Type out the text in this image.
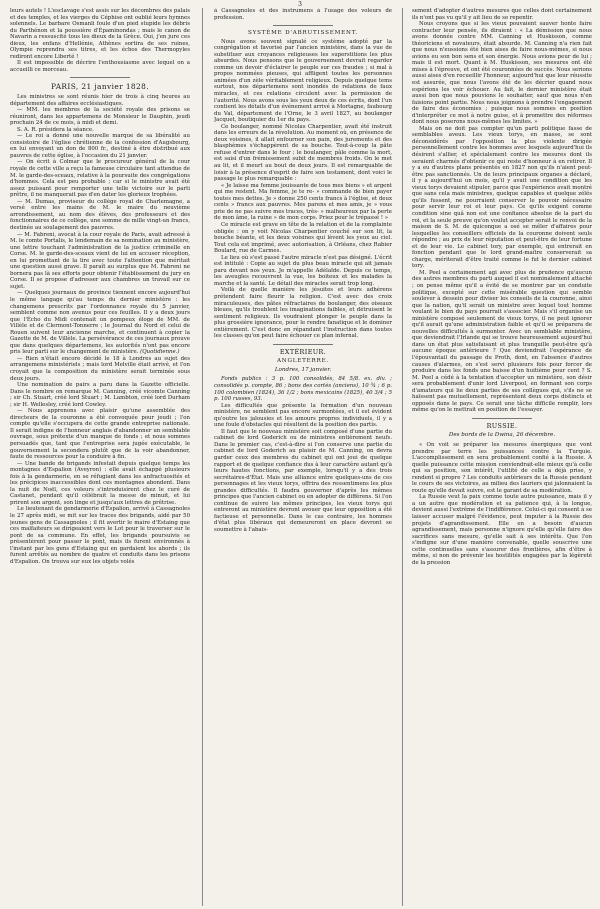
3

leurs autels ! L'esclavage s'est assis sur les décombres des palais et des temples, et les vierges du Céphise ont oublié leurs hymnes solennels. Le barbare Osmanli foule d'un pied stupide les débris du Parthénon et la poussière d'Épaminondas ; mais le canon de Navarin a ressuscité tous les dieux de la Grèce. Oui, j'en jure ces dieux, les enfans d'Hellénie, Athènes sortira de ses ruines, Olympie reprendra ses titres, et les échos des Thermopyles rediront encore Liberté !

Il est impossible de décrire l'enthousiasme avec lequel on a accueilli ce morceau.

PARIS, 21 janvier 1828.

Les ministres se sont réunis hier de trois à cinq heures au département des affaires ecclésiastiques.

— MM. les membres de la société royale des prisons se réuniront, dans les appartemens de Monsieur le Dauphin, jeudi prochain 24 de ce mois, à midi et demi.

S. A. R. présidera la séance.

— Le roi a donné une nouvelle marque de sa libéralité au consistoire de l'église chrétienne de la confession d'Augsbourg, en lui envoyant un don de 800 fr., destiné à être distribué aux pauvres de cette église, à l'occasion du 21 janvier.

— On écrit à Colmar que le procureur général de la cour royale de cette ville a reçu la fameuse circulaire tant attendue de M. le garde-des-sceaux, relative à la poursuite des congrégations d'hommes. Cela est peu probable ; car si le ministre avait été assez puissant pour remporter une telle victoire sur le parti prêtre, il ne manquerait pas d'en dater les glorieux trophées.

— M. Dumas, proviseur du collège royal de Charlemagne, a versé entre les mains de M. le maire du neuvième arrondissement, au nom des élèves, des professeurs et des fonctionnaires de ce collège, une somme de mille vingt-un francs, destinée au soulagement des pauvres.

— M. Fabreni, avocat à la cour royale de Paris, avait adressé à M. le comte Portalis, le lendemain de sa nomination au ministère, une lettre touchant l'administration de la justice criminelle en Corse. M. le garde-des-sceaux vient de lui en accuser réception, en lui promettant de la lire avec toute l'attention que méritait une question aussi grave. Il paraît au surplus que M. Fabreni ne bornera pas là ses efforts pour obtenir l'établissement du jury en Corse. Il se propose d'adresser aux chambres un travail sur ce sujet.

— Quelques journaux de province tiennent encore aujourd'hui le même langage qu'au temps du dernier ministère : les changemens prescrits par l'ordonnance royale du 5 janvier, semblent comme non avenus pour ces feuilles. Il y a deux jours que l'Écho du Midi contenait un pompeux éloge de MM. de Villèle et de Clermont-Tonnerre ; le Journal du Nord et celui de Rouen suivent leur ancienne marche, et continuent à copier la Gazette de M. de Villèle. La persévérance de ces journaux prouve que dans quelques départemens, les autorités n'ont pas encore pris leur parti sur le changement de ministère. (Quotidienne.)

— Rien n'était encore décidé le 18 à Londres au sujet des arrangemens ministériels ; mais lord Melville était arrivé, et l'on croyait que la composition du ministère serait terminée sous deux jours.

Une nomination de pairs a paru dans la Gazette officielle. Dans le nombre on remarque M. Canning, créé vicomte Canning ; sir Ch. Stuart, créé lord Stuart ; M. Lambton, créé lord Durham ; sir H. Wellesley, créé lord Cowley.

— Nous apprenons avec plaisir qu'une assemblée des directeurs de la couronne a été convoquée pour jeudi ; l'on compte qu'elle s'occupera de cette grande entreprise nationale. Il serait indigne de l'honneur anglais d'abandonner un semblable ouvrage, sous prétexte d'un manque de fonds ; et nous sommes persuadés que, tant que l'entreprise sera jugée exécutable, le gouvernement la secondera plutôt que de la voir abandonner, faute de ressources pour la conduire à fin.

— Une bande de brigands infestait depuis quelque temps les montagnes d'Espalion (Aveyron) : elle avait échappé plusieurs fois à la gendarmerie, en se réfugiant dans les anfractuosités et les précipices inaccessibles dont ces montagnes abondent. Dans la nuit de Noël, ces voleurs s'introduisirent chez le curé de Castanet, pendant qu'il célébrait la messe de minuit, et lui prirent son argent, son linge et jusqu'aux lettres de prêtrise.

Le lieutenant de gendarmerie d'Espalion, arrivé à Cassagnoles le 27 après midi, se mit sur les traces des brigands, aidé par 50 jeunes gens de Cassagnoles ; il fit avertir le maire d'Estaing que ces malfaiteurs se dirigeaient vers le Lot pour le traverser sur le pont de sa commune. En effet, les brigands poursuivis se présentèrent pour passer le pont, mais ils furent environnés à l'instant par les gens d'Estaing qui en gardaient les abords ; ils furent arrêtés au nombre de quatre et conduits dans les prisons d'Espalion. On trouva sur eux les objets volés

à Cassagnoles et des instrumens à l'usage des voleurs de profession.

SYSTÈME D'ABRUTISSEMENT.

Nous avons souvent signalé ce système adopté par la congrégation et favorisé par l'ancien ministère, dans la vue de substituer aux croyances religieuses les superstitions les plus absurdes. Nous pensons que le gouvernement devrait regarder comme un devoir d'éclairer le peuple sur ces fraudes ; si mal à propos nommées pieuses, qui affligent toutes les personnes animées d'un zèle véritablement religieux. Depuis quelque tems surtout, nos départemens sont inondés de relations de faux miracles, et ces relations circulent avec la permission de l'autorité. Nous avons sous les yeux deux de ces écrits, dont l'un contient les détails d'un événement arrivé à Mortagne, faubourg du Val, département de l'Orne, le 3 avril 1827, au boulanger Jacquet, boutiquier du 1er du pays.

Ce boulanger, nommé Nicolas Charpentier, avait été instruit dans les erreurs de la révolution. Au moment où, en présence de deux voisines, il allait enfourner son pain, des jurements et des blasphèmes s'échappèrent de sa bouche. Tout-à-coup la pâte refuse d'entrer dans le four ; le boulanger, pâle comme la mort, est saisi d'un frémissement subit de membres froids. On le met au lit, et il meurt au bout de deux jours. Il est remarquable de loisir à la présence d'esprit de faire son testament, dont voici le passage le plus remarquable :

« Je laisse ma femme jouissante de tous mes biens » et argent qui me restent. Ma femme, je te re- » commande de bien payer toutes mes dettes. Je » donne 250 cents francs à l'église, et deux cents » francs aux pauvres. Mes parens et mes amis, je » vous prie de ne pas suivre mes traces, très- » malheureux par la perte de mon âme, la ruine » de mon corps. Priez pour le trépassé ! »

Ce miracle est grave en tête de la relation et de la complainte obligée : on y voit Nicolas Charpentier couché sur son lit, la bouche béante, et les deux voisines qui lèvent les yeux au ciel. Tout cela est imprimé, avec autorisation, à Orléans, chez Rabier Boulard, rue de Carmes.

Le lieu où s'est passé l'autre miracle n'est pas désigné. L'écrit est intitulé : Copie au sujet du plus beau miracle qui ait jamais paru devant nos yeux. Je m'appelle Adélaïde. Depuis ce temps, les aveugles recouvrent la vue, les boiteux et les malades la marche et la santé. Le détail des miracles serait trop long.

Voilà de quelle manière les jésuites et leurs adhérens prétendent faire fleurir la religion. C'est avec des croix miraculeuses, des pâtes réfractaires de boulanger, des oiseaux bleues, qu'ils troublent les imaginations faibles, et détruisent le sentiment religieux. Ils voudraient plonger le peuple dans la plus grossière ignorance, pour le rendre fanatique et le dominer entièrement. C'est donc en répandant l'instruction dans toutes les classes qu'on peut faire échouer ce plan infernal.

EXTÉRIEUR.

ANGLETERRE.

Londres, 17 janvier.

Fonds publics : 3 p. 100 consolidés, 84 5/8. ex. div. ; consolidés p. compte, 86 ; bons des cortès (anciens), 10 ¾ ; 6 p. 100 colombien (1824), 36 1/2 ; bons mexicains (1825), 40 3/4 ; 5 p. 100 russes, 93.

Les difficultés que présente la formation d'un nouveau ministère, ne semblent pas encore surmontées, et il est évident qu'outre les jalousies et les amours propres individuels, il y a une foule d'obstacles qui résultent de la position des partis.

Il faut que le nouveau ministère soit composé d'une partie du cabinet de lord Goderich ou de ministres entièrement neufs. Dans le premier cas, c'est-à-dire si l'on conserve une partie du cabinet de lord Goderich au plaisir de M. Canning, on devra garder ceux des membres du cabinet qui ont joui de quelque rapport et de quelque confiance dus à leur caractère autant qu'à leurs hautes fonctions, par exemple, lorsqu'il y a des trois secrétaires-d'État. Mais une alliance entre quelques-uns de ces personnages et les vieux torys, offrira des ressentimens les plus grandes difficultés. Il faudra gouverner d'après les mêmes principes que l'ancien cabinet ou en adopter de différens. Si l'on continue de suivre les mêmes principes, les vieux torys qui entreront au ministère devront avouer que leur opposition a été factieuse et personnelle. Dans le cas contraire, les hommes d'état plus libéraux qui demeureront en place devront se soumettre à l'abais-

sement d'adopter d'autres mesures que celles dont certainement ils n'ont pas vu qu'il y ait lieu de se repentir.

Nous croyons que si les vieux pouvaient sauver honte faire contracter leur pensée, ils diraient : « La démission que nous avons donnée contre MM. Canning et Huskisson, comme théoriciens et novateurs, était absurde. M. Canning n'a rien fait que nous n'eussions été bien aises de faire nous-mêmes, si nous avions eu son bon sens et son énergie. Nous avions peur de lui ; mais il est mort. Quant à M. Huskisson, ses mesures ont été mises à l'épreuve, et ont été couronnées de succès. Nous serions aussi aises d'en recueillir l'honneur, aujourd'hui que leur réussite est assurée, que nous l'avons été de les décrier quand nous espérions les voir échouer. Au fait, le dernier ministère était aussi bon que nous pouvions le souhaiter, sauf que nous n'en faisions point partie. Nous nous joignons à prendre l'engagement de faire des économies ; puisque nous sommes en position d'interpréter ce mot à notre guise, et à promettre des réformes dont nous poserons nous-mêmes les limites. »

Mais on ne doit pas compter qu'un parti politique fasse de semblables aveux. Les vieux torys, en masse, se sont déconsidérés par l'opposition la plus violente dirigée personnellement contre les hommes avec lesquels aujourd'hui ils désirent s'allier, et spécialement contre les mesures dont ils seraient charmés d'obtenir ce qui reste d'honneur à en retirer. Il y a eu d'autres plans présentés en 1827 non qu'ils n'aient peut-être pas sanctionnés. Un de leurs principaux organes a déclaré, il y a aujourd'hui un mois, qu'il y avait une condition que les vieux torys devaient stipuler, parce que l'expérience avait montré que sans cela mais ministres, quelque capables et quelque zélés qu'ils fussent, ne pourraient conserver le pouvoir nécessaire pour servir leur roi et leur pays. Ce qu'ils exigent comme condition sine quâ non est une confiance absolue de la part du roi, et la seule preuve qu'on voulut accepter serait le renvoi de la maison de S. M. de quiconque a osé se mêler d'affaires pour lesquelles les conseillers officiels de la couronne doivent seuls répondre ; au prix de leur réputation et peut-être de leur fortune et de leur vie. Le cabinet tory, par exemple, qui entrerait en fonction pendant que le lord grand-maître conserverait sa charge, mériterait d'être traité comme le fut le dernier cabinet tory.

M. Peel a certainement agi avec plus de prudence qu'aucun des autres membres du parti auquel il est nominalement attaché ; on pense même qu'il a évité de se montrer par un conduite politique, excepté sur cette misérable question qui semble soulever à dessein pour diviser les conseils de la couronne, ainsi que la nation, qu'il serait un ministre avec lequel tout homme voulant le bien du pays pourrait s'associer. Mais s'il organise un ministère composé seulement de vieux torys, il ne peut ignorer qu'il aurait qu'une administration faible et qu'il se préparera de nouvelles difficultés à surmonter. Avec un semblable ministère, que deviendrait l'Irlande qui se trouve heureusement aujourd'hui dans un état plus satisfaisant et plus tranquille peut-être qu'à aucune époque antérieure ? Que deviendrait l'espérance de l'épouvantail du passage du Proth, dont, en l'absence d'autres causes d'alarmes, on s'est servi plusieurs fois pour forcer de produire dans les fonds une baisse d'un huitième pour cent ? S. M. Peel a cédé à la tentation d'accepter un ministère, son désir sera probablement d'unir lord Liverpool, en formant son corps d'amateurs qui lie deux parties de ses collègues qui, s'ils ne se haïssent pas mutuellement, représentent deux corps distincts et opposés dans le pays. Ce serait une tâche difficile remplir, lors même qu'on le mettrait en position de l'essayer.

RUSSIE.

Des bords de la Dwina, 26 décembre.

« On voit se préparer les mesures énergiques que vont prendre par terre les puissances contre la Turquie. L'accomplissement en sera probablement confié à la Russie. À quelle puissance cette mission conviendrait-elle mieux qu'à celle qui sa position, son intérêt, l'utilité de celle a déjà prise, y rendent si propre ? Les conduits antérieurs de la Russie pendant le cours de ses victoires, au milieu des lauriers qui jalonnaient la route qu'elle devait suivre, est le garant de sa modération.

La Russie veut la paix comme toute autre puissance, mais il y a un autre que modération et sa patience qui, à la longue, devient aussi l'extrême de l'indifférence. Celui-ci qui consent à se laisser accuser malgré l'évidence, peut imputer à la Russie des projets d'agrandissement. Elle en a besoin d'aucun agrandissement, mais personne n'ignore qu'elle qu'elle faire des sacrifices sans mesure, qu'elle sait à ses intérêts. Que l'on s'indigne sur d'une manière convenable, quelle souscrive une cette continuelles sans s'assurer des frontières, afin d'être à même, si non de prévenir les hostilités engagées par la légèreté de la pression
